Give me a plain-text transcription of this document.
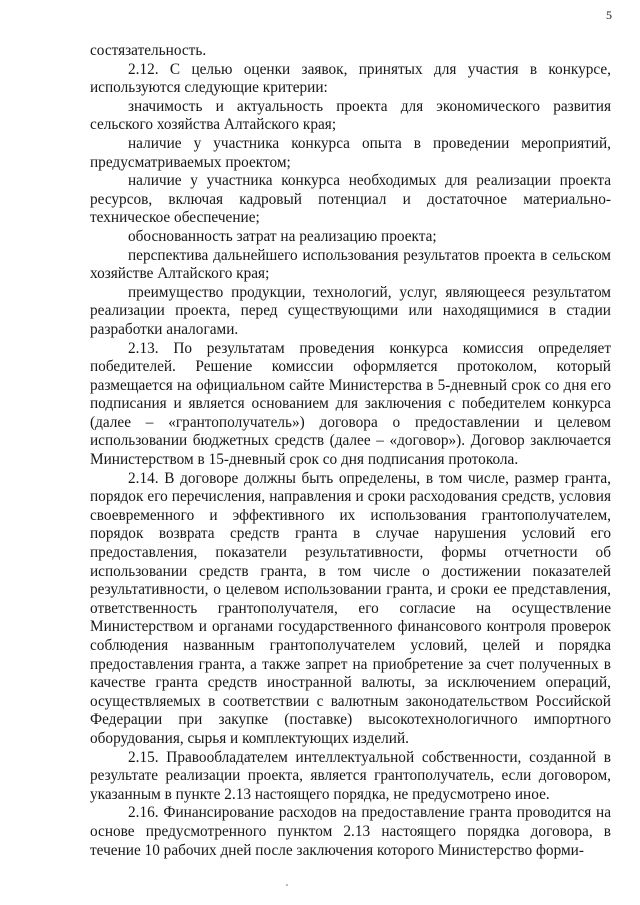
5

состязательность.

2.12. С целью оценки заявок, принятых для участия в конкурсе, используются следующие критерии:

значимость и актуальность проекта для экономического развития сельского хозяйства Алтайского края;

наличие у участника конкурса опыта в проведении мероприятий, предусматриваемых проектом;

наличие у участника конкурса необходимых для реализации проекта ресурсов, включая кадровый потенциал и достаточное материально-техническое обеспечение;

обоснованность затрат на реализацию проекта;

перспектива дальнейшего использования результатов проекта в сельском хозяйстве Алтайского края;

преимущество продукции, технологий, услуг, являющееся результатом реализации проекта, перед существующими или находящимися в стадии разработки аналогами.

2.13. По результатам проведения конкурса комиссия определяет победителей. Решение комиссии оформляется протоколом, который размещается на официальном сайте Министерства в 5-дневный срок со дня его подписания и является основанием для заключения с победителем конкурса (далее – «грантополучатель») договора о предоставлении и целевом использовании бюджетных средств (далее – «договор»). Договор заключается Министерством в 15-дневный срок со дня подписания протокола.

2.14. В договоре должны быть определены, в том числе, размер гранта, порядок его перечисления, направления и сроки расходования средств, условия своевременного и эффективного их использования грантополучателем, порядок возврата средств гранта в случае нарушения условий его предоставления, показатели результативности, формы отчетности об использовании средств гранта, в том числе о достижении показателей результативности, о целевом использовании гранта, и сроки ее представления, ответственность грантополучателя, его согласие на осуществление Министерством и органами государственного финансового контроля проверок соблюдения названным грантополучателем условий, целей и порядка предоставления гранта, а также запрет на приобретение за счет полученных в качестве гранта средств иностранной валюты, за исключением операций, осуществляемых в соответствии с валютным законодательством Российской Федерации при закупке (поставке) высокотехнологичного импортного оборудования, сырья и комплектующих изделий.

2.15. Правообладателем интеллектуальной собственности, созданной в результате реализации проекта, является грантополучатель, если договором, указанным в пункте 2.13 настоящего порядка, не предусмотрено иное.

2.16. Финансирование расходов на предоставление гранта проводится на основе предусмотренного пунктом 2.13 настоящего порядка договора, в течение 10 рабочих дней после заключения которого Министерство форми-
